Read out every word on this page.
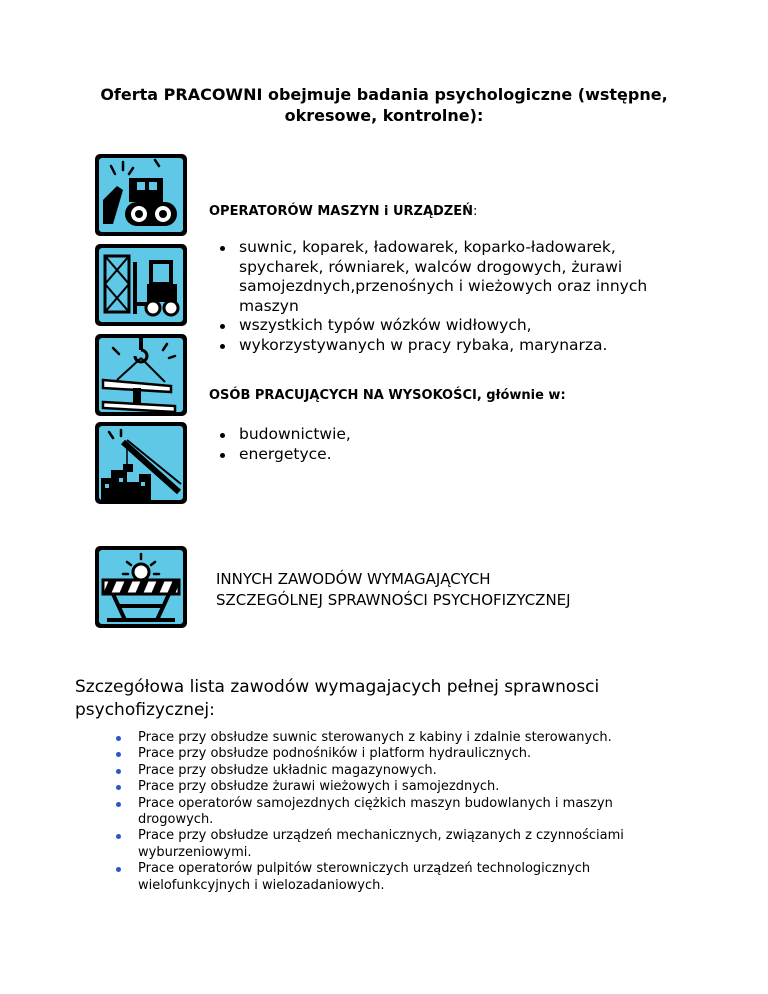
Oferta PRACOWNI obejmuje badania psychologiczne (wstępne, okresowe, kontrolne):
OPERATORÓW MASZYN i URZĄDZEŃ:
suwnic, koparek, ładowarek, koparko-ładowarek, spycharek, równiarek, walców drogowych, żurawi samojezdnych,przenośnych i wieżowych oraz innych maszyn
wszystkich typów wózków widłowych,
wykorzystywanych w pracy rybaka, marynarza.
OSÓB PRACUJĄCYCH NA WYSOKOŚCI, głównie w:
budownictwie,
energetyce.
INNYCH ZAWODÓW WYMAGAJĄCYCH
SZCZEGÓLNEJ SPRAWNOŚCI PSYCHOFIZYCZNEJ
Szczegółowa lista zawodów wymagajacych pełnej sprawnosci psychofizycznej:
Prace przy obsłudze suwnic sterowanych z kabiny i zdalnie sterowanych.
Prace przy obsłudze podnośników i platform hydraulicznych.
Prace przy obsłudze układnic magazynowych.
Prace przy obsłudze żurawi wieżowych i samojezdnych.
Prace operatorów samojezdnych ciężkich maszyn budowlanych i maszyn drogowych.
Prace przy obsłudze urządzeń mechanicznych, związanych z czynnościami wyburzeniowymi.
Prace operatorów pulpitów sterowniczych urządzeń technologicznych wielofunkcyjnych i wielozadaniowych.
